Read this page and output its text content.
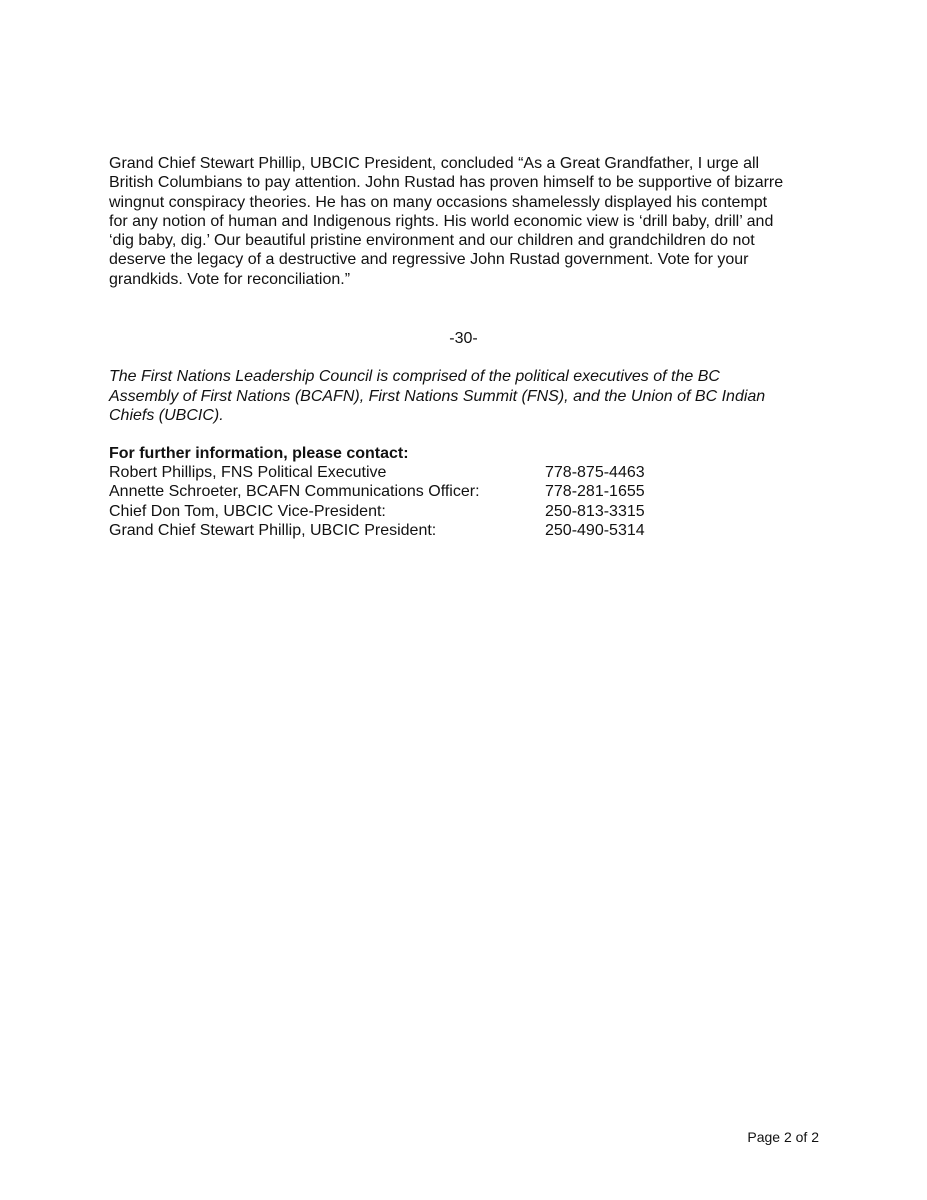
Grand Chief Stewart Phillip, UBCIC President, concluded “As a Great Grandfather, I urge all
British Columbians to pay attention. John Rustad has proven himself to be supportive of bizarre
wingnut conspiracy theories. He has on many occasions shamelessly displayed his contempt
for any notion of human and Indigenous rights. His world economic view is ‘drill baby, drill’ and
‘dig baby, dig.’ Our beautiful pristine environment and our children and grandchildren do not
deserve the legacy of a destructive and regressive John Rustad government. Vote for your
grandkids. Vote for reconciliation.”
-30-
The First Nations Leadership Council is comprised of the political executives of the BC
Assembly of First Nations (BCAFN), First Nations Summit (FNS), and the Union of BC Indian
Chiefs (UBCIC).
For further information, please contact:
Robert Phillips, FNS Political Executive	778-875-4463
Annette Schroeter, BCAFN Communications Officer:	778-281-1655
Chief Don Tom, UBCIC Vice-President:	250-813-3315
Grand Chief Stewart Phillip, UBCIC President:	250-490-5314
Page 2 of 2
